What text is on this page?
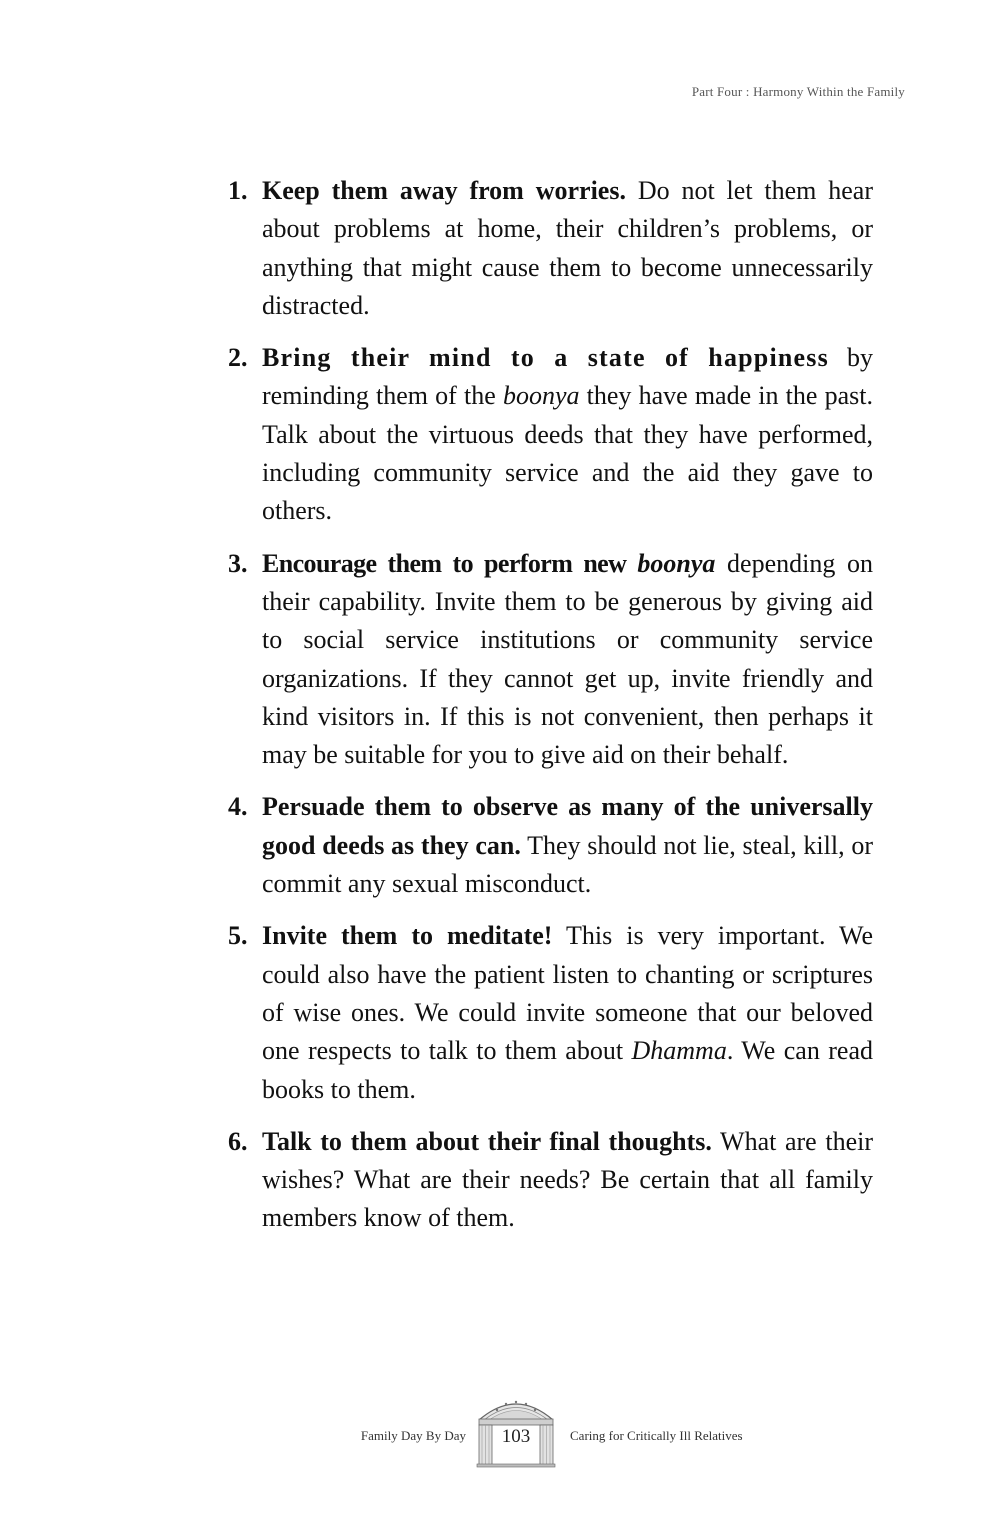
Part Four : Harmony Within the Family
1. Keep them away from worries. Do not let them hear about problems at home, their children’s problems, or anything that might cause them to become unnecessarily distracted.
2. Bring their mind to a state of happiness by reminding them of the boonya they have made in the past. Talk about the virtuous deeds that they have performed, including community service and the aid they gave to others.
3. Encourage them to perform new boonya depending on their capability. Invite them to be generous by giving aid to social service institutions or community service organizations. If they cannot get up, invite friendly and kind visitors in. If this is not convenient, then perhaps it may be suitable for you to give aid on their behalf.
4. Persuade them to observe as many of the universally good deeds as they can. They should not lie, steal, kill, or commit any sexual misconduct.
5. Invite them to meditate! This is very important. We could also have the patient listen to chanting or scriptures of wise ones. We could invite someone that our beloved one respects to talk to them about Dhamma. We can read books to them.
6. Talk to them about their final thoughts. What are their wishes? What are their needs? Be certain that all family members know of them.
Family Day By Day	103	Caring for Critically Ill Relatives
